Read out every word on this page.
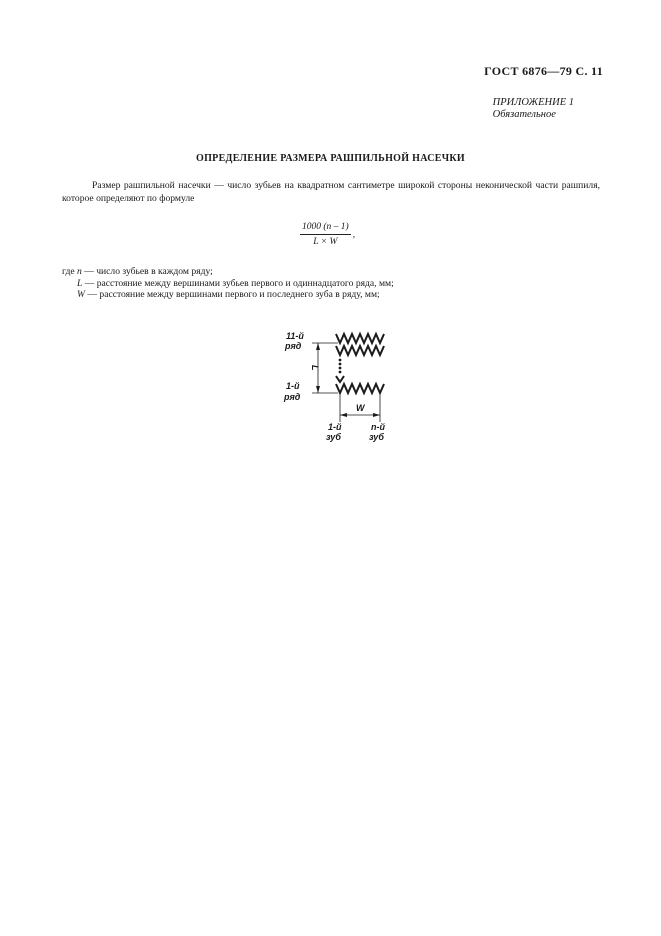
ГОСТ 6876—79 С. 11
ПРИЛОЖЕНИЕ 1
Обязательное
ОПРЕДЕЛЕНИЕ РАЗМЕРА РАШПИЛЬНОЙ НАСЕЧКИ
Размер рашпильной насечки — число зубьев на квадратном сантиметре широкой стороны неконической части рашпиля, которое определяют по формуле
$\frac{1000 (n - 1)}{L \times W}$ ,
где n — число зубьев в каждом ряду;
L — расстояние между вершинами зубьев первого и одиннадцатого ряда, мм;
W — расстояние между вершинами первого и последнего зуба в ряду, мм;
11-й
ряд
1-й
ряд
L
W
1-й
зуб
n-й
зуб
